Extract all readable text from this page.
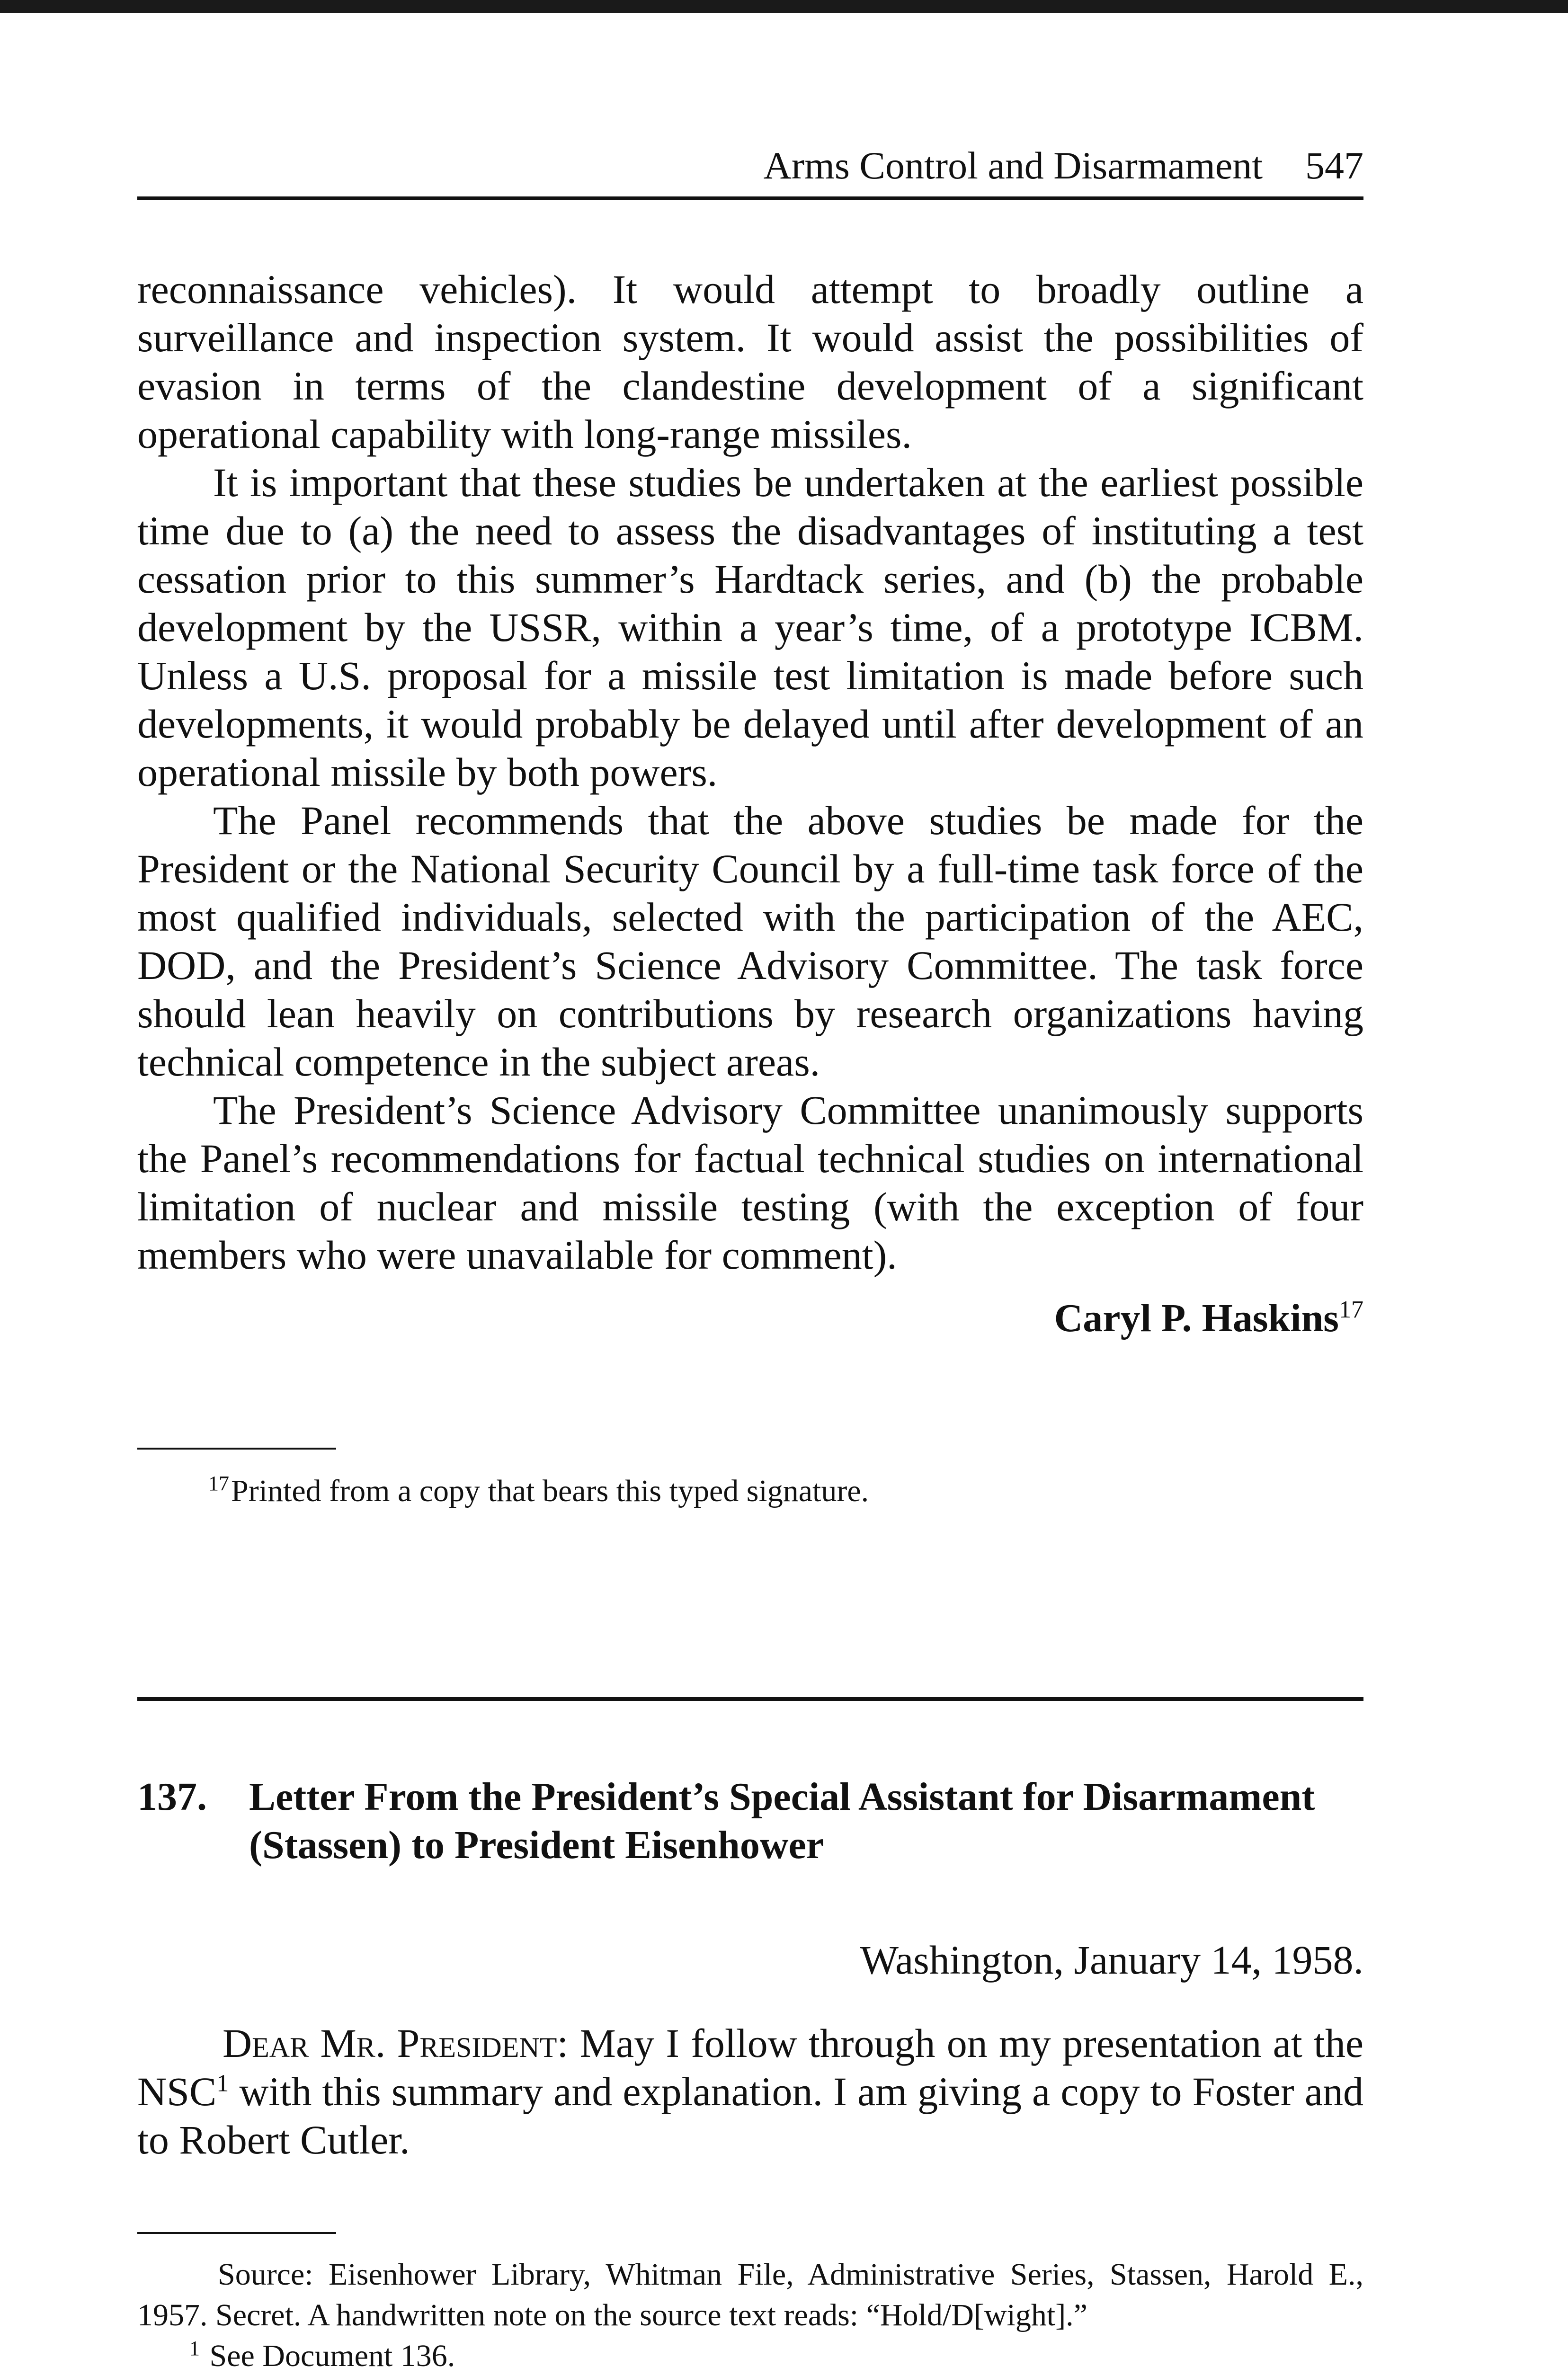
Arms Control and Disarmament 547

reconnaissance vehicles). It would attempt to broadly outline a surveillance and inspection system. It would assist the possibilities of evasion in terms of the clandestine development of a significant operational capability with long-range missiles.

It is important that these studies be undertaken at the earliest possible time due to (a) the need to assess the disadvantages of instituting a test cessation prior to this summer’s Hardtack series, and (b) the probable development by the USSR, within a year’s time, of a prototype ICBM. Unless a U.S. proposal for a missile test limitation is made before such developments, it would probably be delayed until after development of an operational missile by both powers.

The Panel recommends that the above studies be made for the President or the National Security Council by a full-time task force of the most qualified individuals, selected with the participation of the AEC, DOD, and the President’s Science Advisory Committee. The task force should lean heavily on contributions by research organizations having technical competence in the subject areas.

The President’s Science Advisory Committee unanimously supports the Panel’s recommendations for factual technical studies on international limitation of nuclear and missile testing (with the exception of four members who were unavailable for comment).

Caryl P. Haskins$^{17}$
$^{17}$Printed from a copy that bears this typed signature.
137. Letter From the President’s Special Assistant for Disarmament (Stassen) to President Eisenhower
Washington, January 14, 1958.

Dear Mr. President: May I follow through on my presentation at the NSC$^1$ with this summary and explanation. I am giving a copy to Foster and to Robert Cutler.

Source: Eisenhower Library, Whitman File, Administrative Series, Stassen, Harold E., 1957. Secret. A handwritten note on the source text reads: “Hold/D[wight].”

$^1$ See Document 136.
